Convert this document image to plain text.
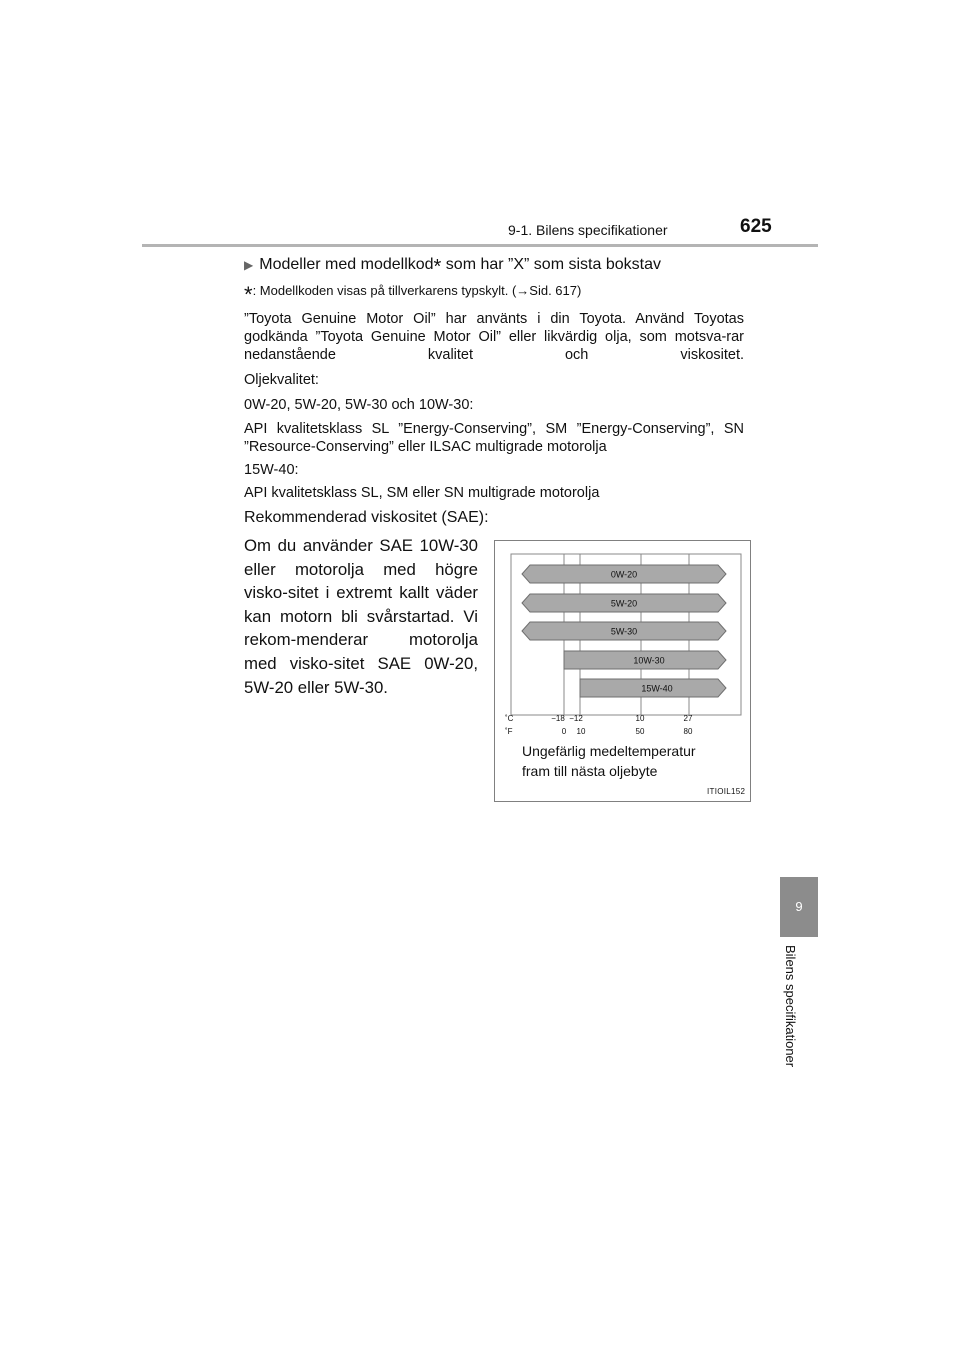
9-1. Bilens specifikationer	625
9
Bilens specifikationer
▶ Modeller med modellkod* som har ”X” som sista bokstav
*: Modellkoden visas på tillverkarens typskylt. (→Sid. 617)
”Toyota Genuine Motor Oil” har använts i din Toyota. Använd Toyotas godkända ”Toyota Genuine Motor Oil” eller likvärdig olja, som motsva-rar nedanstående kvalitet och viskositet.
Oljekvalitet:
0W-20, 5W-20, 5W-30 och 10W-30:
API kvalitetsklass SL ”Energy-Conserving”, SM ”Energy-Conserving”, SN ”Resource-Conserving” eller ILSAC multigrade motorolja
15W-40:
API kvalitetsklass SL, SM eller SN multigrade motorolja
Rekommenderad viskositet (SAE):
Om du använder SAE 10W-30 eller motorolja med högre visko-sitet i extremt kallt väder kan motorn bli svårstartad. Vi rekom-menderar motorolja med visko-sitet SAE 0W-20, 5W-20 eller 5W-30.
0W-20
5W-20
5W-30
10W-30
15W-40
˚C
˚F
−18 −12	10	27
0 10	50	80
Ungefärlig medeltemperatur
fram till nästa oljebyte
ITIOIL152
